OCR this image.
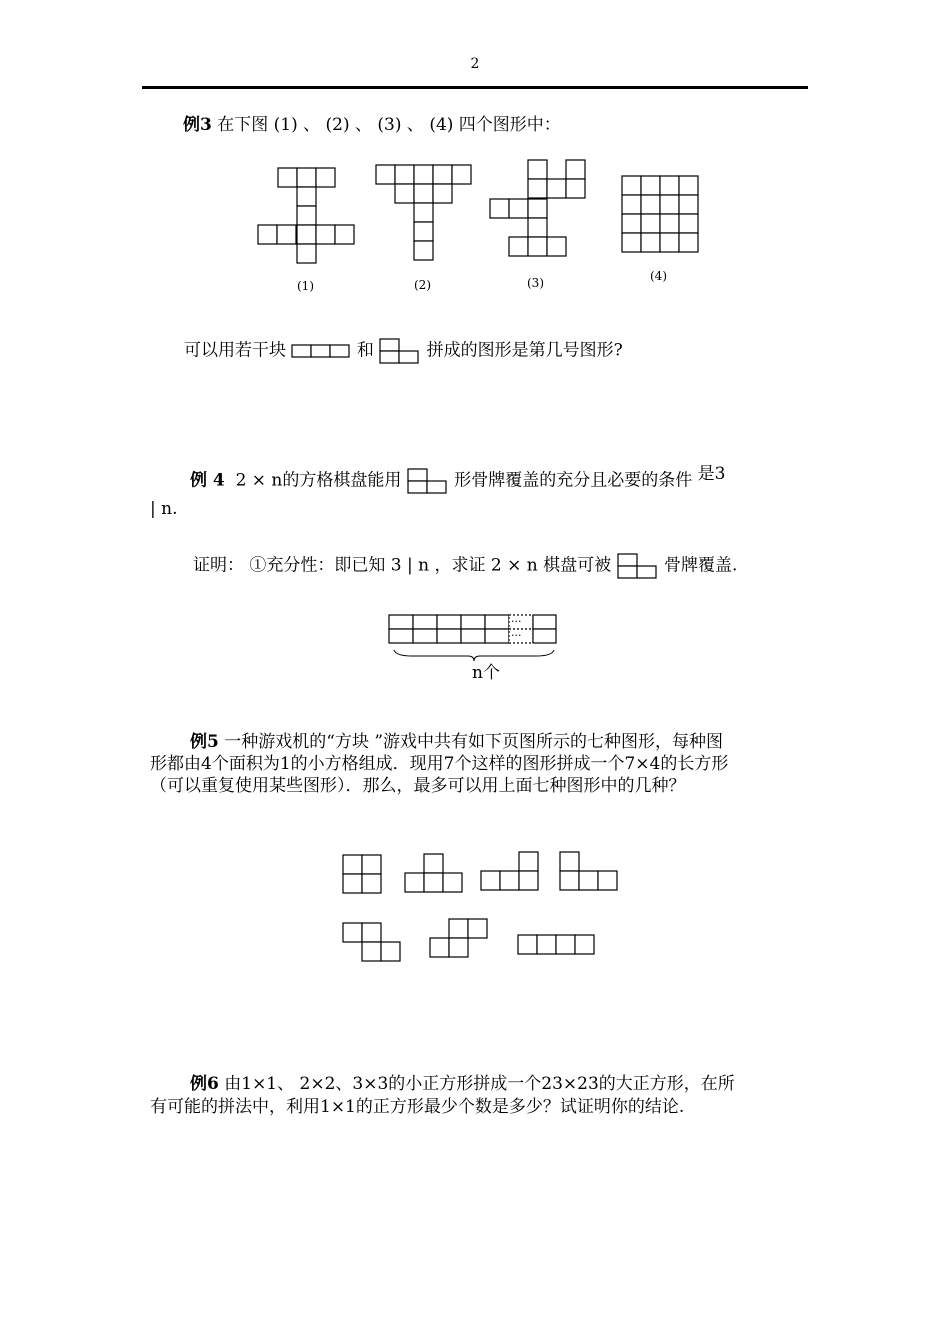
2
例3 在下图 (1) 、 (2) 、 (3) 、 (4) 四个图形中：
(1)	(2)	(3)	(4)
可以用若干块	和	拼成的图形是第几号图形?
例 4 2 × n的方格棋盘能用	形骨牌覆盖的充分且必要的条件 是3
| n.
证明： ①充分性：即已知 3 | n ，求证 2 × n 棋盘可被	骨牌覆盖.
···
···
n个
例5 一种游戏机的“方块 ”游戏中共有如下页图所示的七种图形，每种图
形都由4个面积为1的小方格组成．现用7个这样的图形拼成一个7×4的长方形
（可以重复使用某些图形）．那么，最多可以用上面七种图形中的几种？
例6 由1×1、 2×2、3×3的小正方形拼成一个23×23的大正方形，在所
有可能的拼法中，利用1×1的正方形最少个数是多少？试证明你的结论.
